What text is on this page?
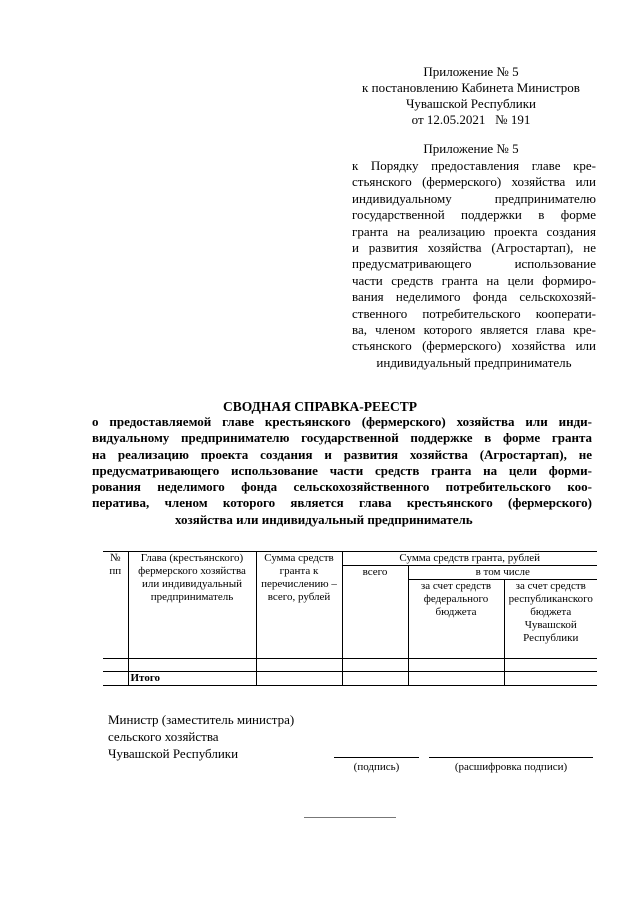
Приложение № 5
к постановлению Кабинета Министров
Чувашской Республики
от 12.05.2021   № 191
Приложение № 5
к Порядку предоставления главе кре-
стьянского (фермерского) хозяйства или
индивидуальному предпринимателю
государственной поддержки в форме
гранта на реализацию проекта создания
и развития хозяйства (Агростартап), не
предусматривающего использование
части средств гранта на цели формиро-
вания неделимого фонда сельскохозяй-
ственного потребительского кооперати-
ва, членом которого является глава кре-
стьянского (фермерского) хозяйства или
индивидуальный предприниматель
СВОДНАЯ СПРАВКА-РЕЕСТР
о предоставляемой главе крестьянского (фермерского) хозяйства или инди-
видуальному предпринимателю государственной поддержке в форме гранта
на реализацию проекта создания и развития хозяйства (Агростартап), не
предусматривающего использование части средств гранта на цели форми-
рования неделимого фонда сельскохозяйственного потребительского коо-
ператива, членом которого является глава крестьянского (фермерского)
хозяйства или индивидуальный предприниматель
№ пп	Глава (крестьянского) фермерского хозяйства или индивидуальный предприниматель	Сумма средств гранта к перечислению – всего, рублей	Сумма средств гранта, рублей		
			всего	в том числе	
				за счет средств федерального бюджета	за счет средств республиканского бюджета Чувашской Республики

	Итого				
Министр (заместитель министра)
сельского хозяйства
Чувашской Республики
(подпись)	(расшифровка подписи)
